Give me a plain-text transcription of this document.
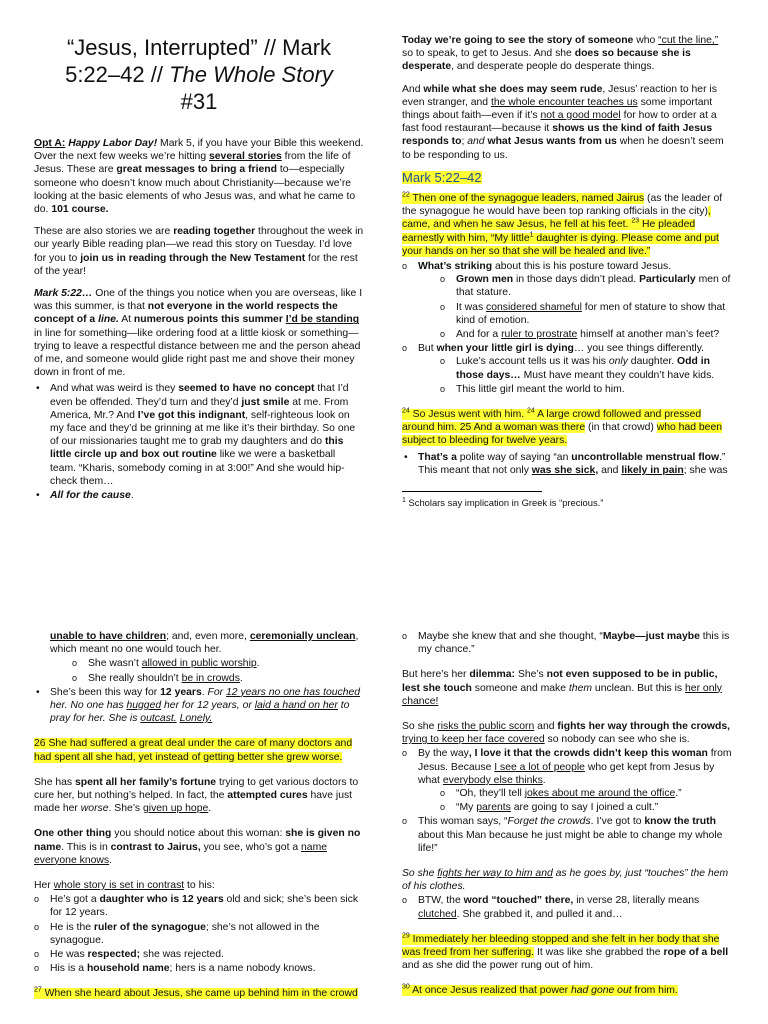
“Jesus, Interrupted” // Mark
5:22–42 // The Whole Story
#31

Opt A: Happy Labor Day! Mark 5, if you have your Bible this weekend. Over the next few weeks we’re hitting several stories from the life of Jesus. These are great messages to bring a friend to—especially someone who doesn’t know much about Christianity—because we’re looking at the basic elements of who Jesus was, and what he came to do. 101 course.

These are also stories we are reading together throughout the week in our yearly Bible reading plan—we read this story on Tuesday. I’d love for you to join us in reading through the New Testament for the rest of the year!

Mark 5:22… One of the things you notice when you are overseas, like I was this summer, is that not everyone in the world respects the concept of a line. At numerous points this summer I’d be standing in line for something—like ordering food at a little kiosk or something—trying to leave a respectful distance between me and the person ahead of me, and someone would glide right past me and shove their money down in front of me.

• And what was weird is they seemed to have no concept that I’d even be offended. They’d turn and they’d just smile at me. From America, Mr.? And I’ve got this indignant, self-righteous look on my face and they’d be grinning at me like it’s their birthday. So one of our missionaries taught me to grab my daughters and do this little circle up and box out routine like we were a basketball team. “Kharis, somebody coming in at 3:00!” And she would hip-check them…
• All for the cause.

Today we’re going to see the story of someone who “cut the line,” so to speak, to get to Jesus. And she does so because she is desperate, and desperate people do desperate things.

And while what she does may seem rude, Jesus’ reaction to her is even stranger, and the whole encounter teaches us some important things about faith—even if it’s not a good model for how to order at a fast food restaurant—because it shows us the kind of faith Jesus responds to; and what Jesus wants from us when he doesn’t seem to be responding to us.

Mark 5:22–42

$^{22}$ Then one of the synagogue leaders, named Jairus (as the leader of the synagogue he would have been top ranking officials in the city), came, and when he saw Jesus, he fell at his feet. $^{23}$ He pleaded earnestly with him, “My little$^1$ daughter is dying. Please come and put your hands on her so that she will be healed and live.”

o What’s striking about this is his posture toward Jesus.
o Grown men in those days didn’t plead. Particularly men of that stature.
o It was considered shameful for men of stature to show that kind of emotion.
o And for a ruler to prostrate himself at another man’s feet?
o But when your little girl is dying… you see things differently.
o Luke’s account tells us it was his only daughter. Odd in those days… Must have meant they couldn’t have kids.
o This little girl meant the world to him.

$^{24}$ So Jesus went with him. $^{24}$ A large crowd followed and pressed around him. 25 And a woman was there (in that crowd) who had been subject to bleeding for twelve years.

• That’s a polite way of saying “an uncontrollable menstrual flow.” This meant that not only was she sick, and likely in pain; she was
$^1$ Scholars say implication in Greek is “precious.”
unable to have children; and, even more, ceremonially unclean, which meant no one would touch her.
o She wasn’t allowed in public worship.
o She really shouldn’t be in crowds.
• She’s been this way for 12 years. For 12 years no one has touched her. No one has hugged her for 12 years, or laid a hand on her to pray for her. She is outcast. Lonely.

26 She had suffered a great deal under the care of many doctors and had spent all she had, yet instead of getting better she grew worse.

She has spent all her family’s fortune trying to get various doctors to cure her, but nothing’s helped. In fact, the attempted cures have just made her worse. She’s given up hope.

One other thing you should notice about this woman: she is given no name. This is in contrast to Jairus, you see, who’s got a name everyone knows.

Her whole story is set in contrast to his:

o He’s got a daughter who is 12 years old and sick; she’s been sick for 12 years.
o He is the ruler of the synagogue; she’s not allowed in the synagogue.
o He was respected; she was rejected.
o His is a household name; hers is a name nobody knows.

$^{27}$ When she heard about Jesus, she came up behind him in the crowd

o Maybe she knew that and she thought, “Maybe—just maybe this is my chance.”

But here’s her dilemma: She’s not even supposed to be in public, lest she touch someone and make them unclean. But this is her only chance!

So she risks the public scorn and fights her way through the crowds, trying to keep her face covered so nobody can see who she is.

o By the way, I love it that the crowds didn’t keep this woman from Jesus. Because I see a lot of people who get kept from Jesus by what everybody else thinks.
o “Oh, they’ll tell jokes about me around the office.”
o “My parents are going to say I joined a cult.”
o This woman says, “Forget the crowds. I’ve got to know the truth about this Man because he just might be able to change my whole life!”

So she fights her way to him and as he goes by, just “touches” the hem of his clothes.

o BTW, the word “touched” there, in verse 28, literally means clutched. She grabbed it, and pulled it and…

$^{29}$ Immediately her bleeding stopped and she felt in her body that she was freed from her suffering. It was like she grabbed the rope of a bell and as she did the power rung out of him.

$^{30}$ At once Jesus realized that power had gone out from him.
